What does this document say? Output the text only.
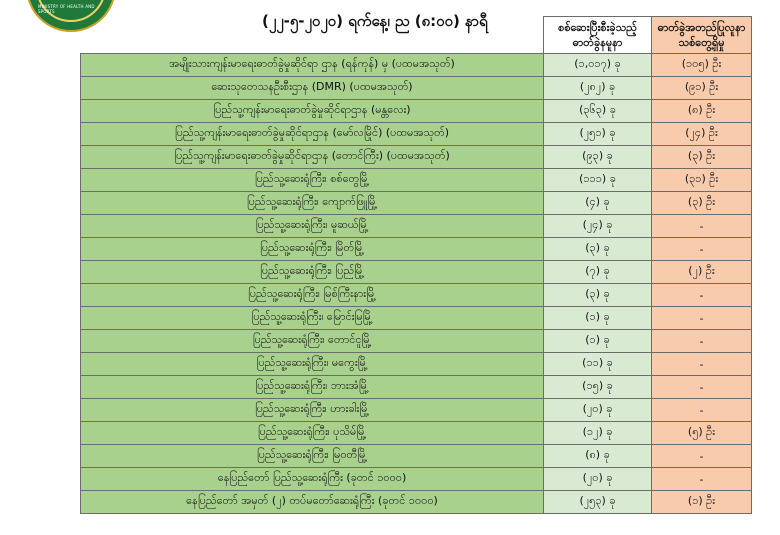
MINISTRY OF HEALTH AND SPORTS
(၂၂-၅-၂၀၂၀) ရက်နေ့၊ ည (၈:၀၀) နာရီ

	စစ်ဆေးပြီးစီးခဲ့သည့် ဓာတ်ခွဲနမူနာ	ဓာတ်ခွဲအတည်ပြုလူနာသစ်တွေ့ရှိမှု

အမျိုးသားကျန်းမာရေးဓာတ်ခွဲမှုဆိုင်ရာ ဌာန (ရန်ကုန်) မှ (ပထမအသုတ်)	(၁,၀၁၇) ခု	(၁၀၅) ဦး
ဆေးသုတေသနဦးစီးဌာန (DMR) (ပထမအသုတ်)	(၂၈၂) ခု	(၉၁) ဦး
ပြည်သူ့ကျန်းမာရေးဓာတ်ခွဲမှုဆိုင်ရာဌာန (မန္တလေး)	(၃၆၃) ခု	(၈) ဦး
ပြည်သူ့ကျန်းမာရေးဓာတ်ခွဲမှုဆိုင်ရာဌာန (မော်လမြိုင်) (ပထမအသုတ်)	(၂၅၁) ခု	(၂၄) ဦး
ပြည်သူ့ကျန်းမာရေးဓာတ်ခွဲမှုဆိုင်ရာဌာန (တောင်ကြီး) (ပထမအသုတ်)	(၉၃) ခု	(၃) ဦး
ပြည်သူ့ဆေးရုံကြီး၊ စစ်တွေမြို့	(၁၁၁) ခု	(၃၁) ဦး
ပြည်သူ့ဆေးရုံကြီး၊ ကျောက်ဖြူမြို့	(၄) ခု	(၃) ဦး
ပြည်သူ့ဆေးရုံကြီး၊ မူဆယ်မြို့	(၂၄) ခု	-
ပြည်သူ့ဆေးရုံကြီး၊ မြိတ်မြို့	(၃) ခု	-
ပြည်သူ့ဆေးရုံကြီး၊ ပြည်မြို့	(၇) ခု	(၂) ဦး
ပြည်သူ့ဆေးရုံကြီး၊ မြစ်ကြီးနားမြို့	(၃) ခု	-
ပြည်သူ့ဆေးရုံကြီး၊ မြောင်းမြမြို့	(၁) ခု	-
ပြည်သူ့ဆေးရုံကြီး၊ တောင်ငူမြို့	(၁) ခု	-
ပြည်သူ့ဆေးရုံကြီး၊ မကွေးမြို့	(၁၁) ခု	-
ပြည်သူ့ဆေးရုံကြီး၊ ဘားအံမြို့	(၁၅) ခု	-
ပြည်သူ့ဆေးရုံကြီး၊ ဟားခါးမြို့	(၂၀) ခု	-
ပြည်သူ့ဆေးရုံကြီး၊ ပုသိမ်မြို့	(၁၂) ခု	(၅) ဦး
ပြည်သူ့ဆေးရုံကြီး၊ မြဝတီမြို့	(၈) ခု	-
နေပြည်တော် ပြည်သူ့ဆေးရုံကြီး (ခုတင် ၁၀၀၀)	(၂၀) ခု	-
နေပြည်တော် အမှတ် (၂) တပ်မတော်ဆေးရုံကြီး (ခုတင် ၁၀၀၀)	(၂၅၃) ခု	(၁) ဦး
